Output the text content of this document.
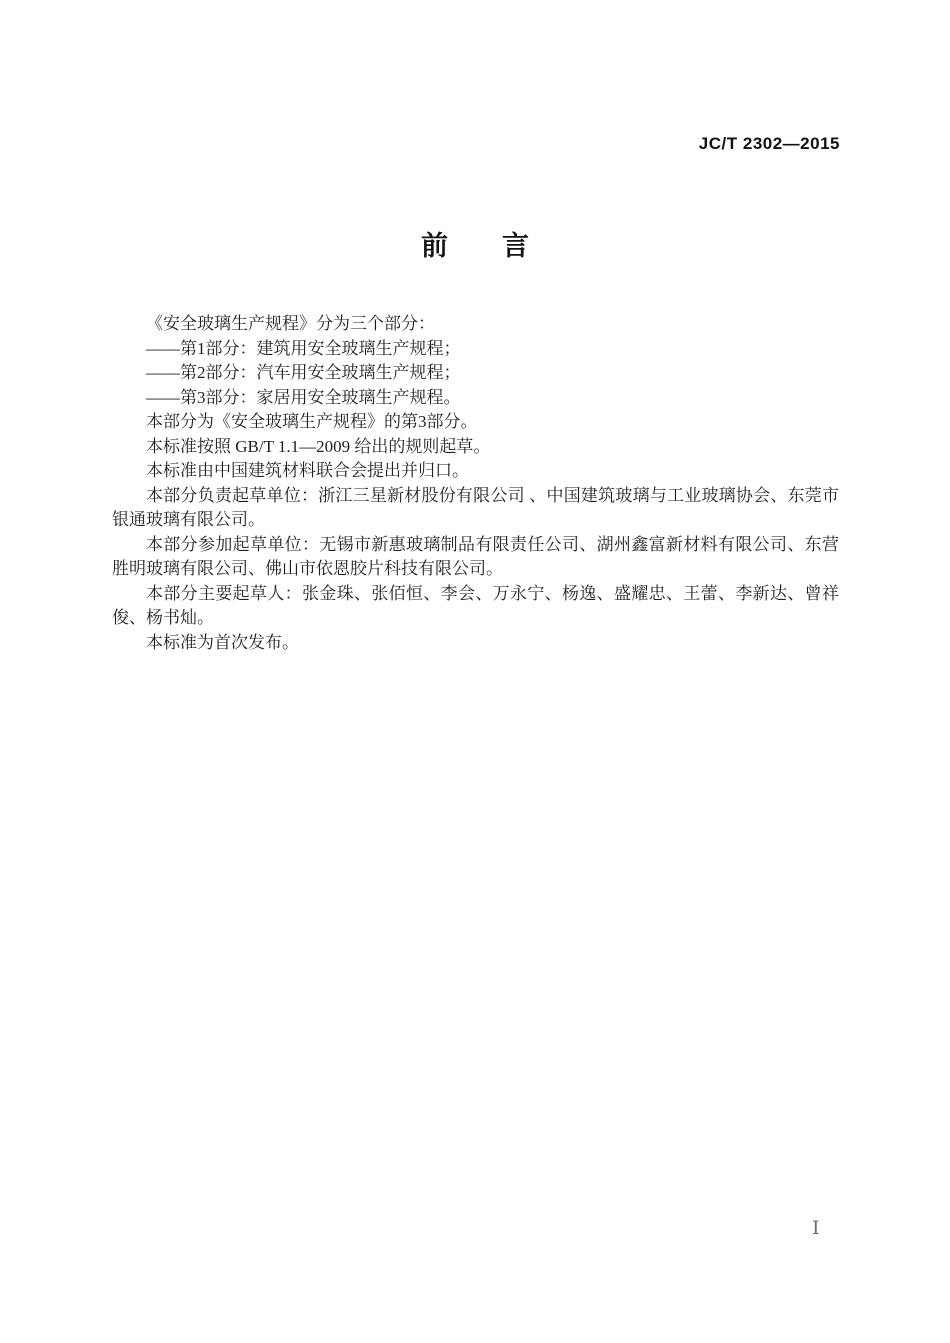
JC/T 2302—2015
前　　言

《安全玻璃生产规程》分为三个部分：

——第1部分：建筑用安全玻璃生产规程；

——第2部分：汽车用安全玻璃生产规程；

——第3部分：家居用安全玻璃生产规程。

本部分为《安全玻璃生产规程》的第3部分。

本标准按照 GB/T 1.1—2009 给出的规则起草。

本标准由中国建筑材料联合会提出并归口。

本部分负责起草单位：浙江三星新材股份有限公司 、中国建筑玻璃与工业玻璃协会、东莞市银通玻璃有限公司。

本部分参加起草单位：无锡市新惠玻璃制品有限责任公司、湖州鑫富新材料有限公司、东营胜明玻璃有限公司、佛山市依恩胶片科技有限公司。

本部分主要起草人：张金珠、张佰恒、李会、万永宁、杨逸、盛耀忠、王蕾、李新达、曾祥俊、杨书灿。

本标准为首次发布。

Ⅰ
